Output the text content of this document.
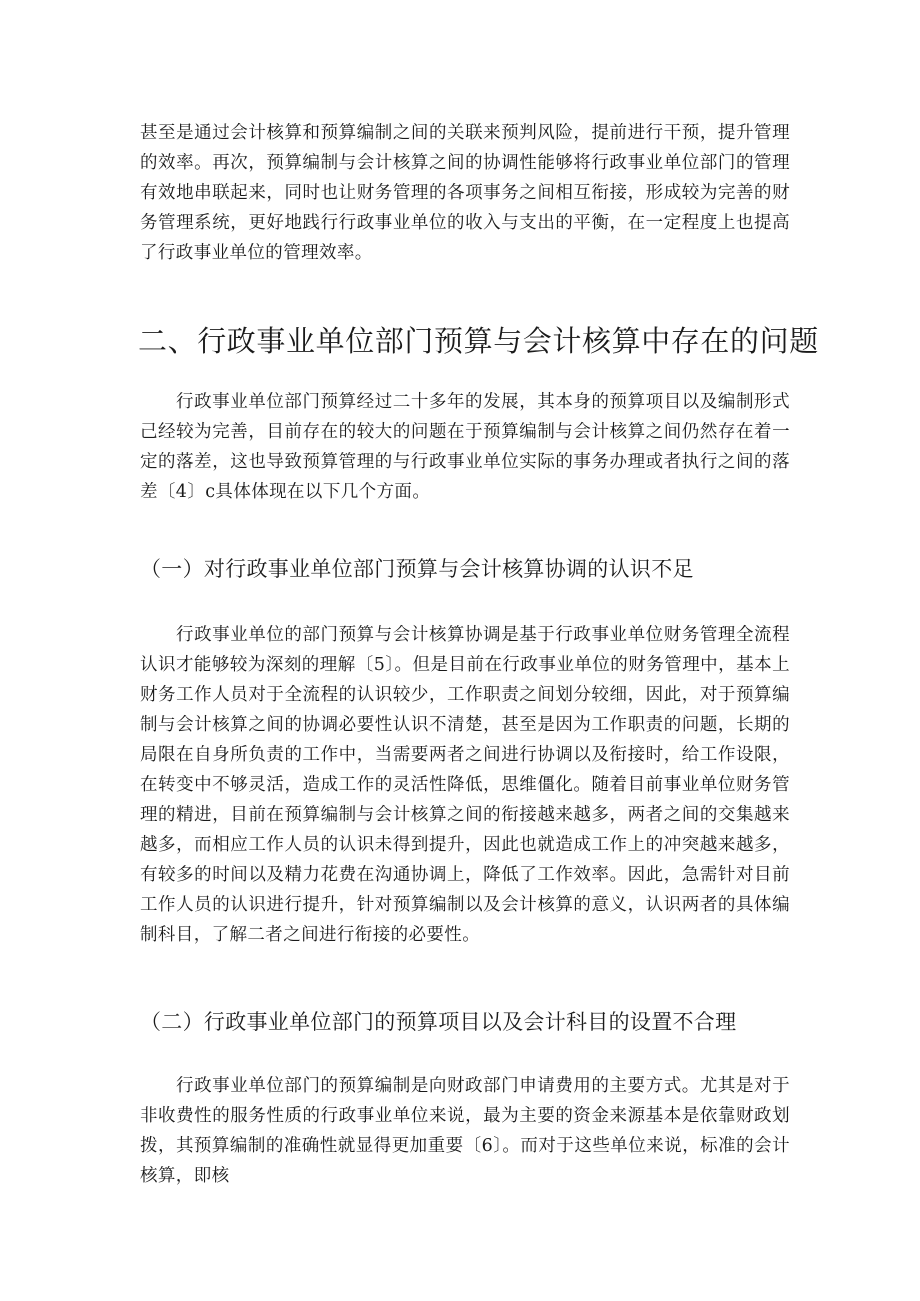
甚至是通过会计核算和预算编制之间的关联来预判风险，提前进行干预，提升管理的效率。再次，预算编制与会计核算之间的协调性能够将行政事业单位部门的管理有效地串联起来，同时也让财务管理的各项事务之间相互衔接，形成较为完善的财务管理系统，更好地践行行政事业单位的收入与支出的平衡，在一定程度上也提高了行政事业单位的管理效率。

二、行政事业单位部门预算与会计核算中存在的问题

行政事业单位部门预算经过二十多年的发展，其本身的预算项目以及编制形式己经较为完善，目前存在的较大的问题在于预算编制与会计核算之间仍然存在着一定的落差，这也导致预算管理的与行政事业单位实际的事务办理或者执行之间的落差〔4〕c具体体现在以下几个方面。

（一）对行政事业单位部门预算与会计核算协调的认识不足

行政事业单位的部门预算与会计核算协调是基于行政事业单位财务管理全流程认识才能够较为深刻的理解〔5〕。但是目前在行政事业单位的财务管理中，基本上财务工作人员对于全流程的认识较少，工作职责之间划分较细，因此，对于预算编制与会计核算之间的协调必要性认识不清楚，甚至是因为工作职责的问题，长期的局限在自身所负责的工作中，当需要两者之间进行协调以及衔接时，给工作设限，在转变中不够灵活，造成工作的灵活性降低，思维僵化。随着目前事业单位财务管理的精进，目前在预算编制与会计核算之间的衔接越来越多，两者之间的交集越来越多，而相应工作人员的认识未得到提升，因此也就造成工作上的冲突越来越多，有较多的时间以及精力花费在沟通协调上，降低了工作效率。因此，急需针对目前工作人员的认识进行提升，针对预算编制以及会计核算的意义，认识两者的具体编制科目，了解二者之间进行衔接的必要性。

（二）行政事业单位部门的预算项目以及会计科目的设置不合理

行政事业单位部门的预算编制是向财政部门申请费用的主要方式。尤其是对于非收费性的服务性质的行政事业单位来说，最为主要的资金来源基本是依靠财政划拨，其预算编制的准确性就显得更加重要〔6〕。而对于这些单位来说，标准的会计核算，即核
